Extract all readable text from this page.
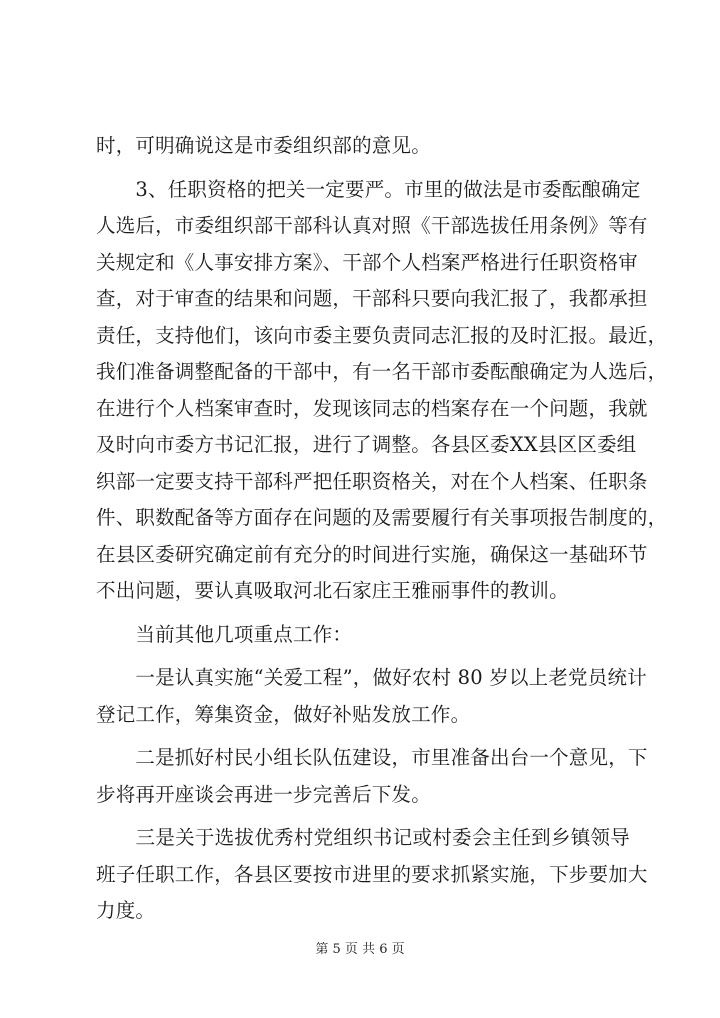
时，可明确说这是市委组织部的意见。
　　3、任职资格的把关一定要严。市里的做法是市委酝酿确定
人选后，市委组织部干部科认真对照《干部选拔任用条例》等有
关规定和《人事安排方案》、干部个人档案严格进行任职资格审
查，对于审查的结果和问题，干部科只要向我汇报了，我都承担
责任，支持他们，该向市委主要负责同志汇报的及时汇报。最近，
我们准备调整配备的干部中，有一名干部市委酝酿确定为人选后，
在进行个人档案审查时，发现该同志的档案存在一个问题，我就
及时向市委方书记汇报，进行了调整。各县区委XX县区区委组
织部一定要支持干部科严把任职资格关，对在个人档案、任职条
件、职数配备等方面存在问题的及需要履行有关事项报告制度的，
在县区委研究确定前有充分的时间进行实施，确保这一基础环节
不出问题，要认真吸取河北石家庄王雅丽事件的教训。
　　当前其他几项重点工作：
　　一是认真实施“关爱工程”，做好农村 80 岁以上老党员统计
登记工作，筹集资金，做好补贴发放工作。
　　二是抓好村民小组长队伍建设，市里准备出台一个意见，下
步将再开座谈会再进一步完善后下发。
　　三是关于选拔优秀村党组织书记或村委会主任到乡镇领导
班子任职工作，各县区要按市进里的要求抓紧实施，下步要加大
力度。
第 5 页 共 6 页
